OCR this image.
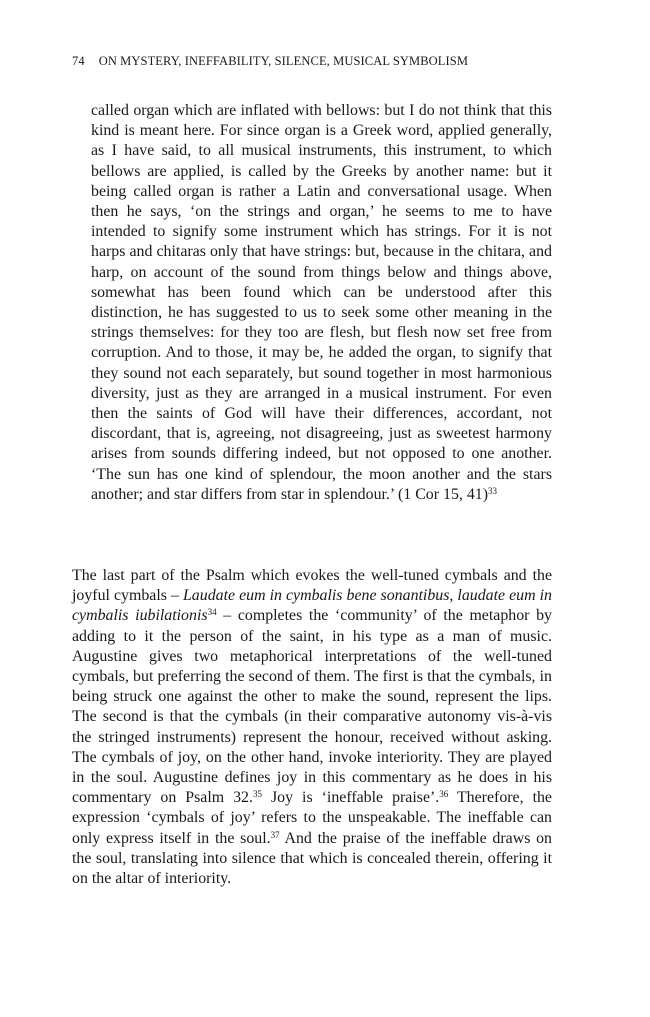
74 ON MYSTERY, INEFFABILITY, SILENCE, MUSICAL SYMBOLISM

called organ which are inflated with bellows: but I do not think that this kind is meant here. For since organ is a Greek word, applied generally, as I have said, to all musical instruments, this instrument, to which bellows are applied, is called by the Greeks by another name: but it being called organ is rather a Latin and conversational usage. When then he says, ‘on the strings and organ,’ he seems to me to have intended to signify some instrument which has strings. For it is not harps and chitaras only that have strings: but, because in the chitara, and harp, on account of the sound from things below and things above, somewhat has been found which can be understood after this distinction, he has suggested to us to seek some other meaning in the strings themselves: for they too are flesh, but flesh now set free from corruption. And to those, it may be, he added the organ, to signify that they sound not each separately, but sound together in most harmonious diversity, just as they are arranged in a musical instrument. For even then the saints of God will have their differences, accordant, not discordant, that is, agreeing, not disagreeing, just as sweetest harmony arises from sounds differing indeed, but not opposed to one another. ‘The sun has one kind of splendour, the moon another and the stars another; and star differs from star in splendour.’ (1 Cor 15, 41)$^{33}$

The last part of the Psalm which evokes the well-tuned cymbals and the joyful cymbals – Laudate eum in cymbalis bene sonantibus, laudate eum in cymbalis iubilationis$^{34}$ – completes the ‘community’ of the metaphor by adding to it the person of the saint, in his type as a man of music. Augustine gives two metaphorical interpretations of the well-tuned cymbals, but preferring the second of them. The first is that the cymbals, in being struck one against the other to make the sound, represent the lips. The second is that the cymbals (in their comparative autonomy vis-à-vis the stringed instruments) represent the honour, received without asking. The cymbals of joy, on the other hand, invoke interiority. They are played in the soul. Augustine defines joy in this commentary as he does in his commentary on Psalm 32.35 Joy is ‘ineffable praise’.$^{36}$ Therefore, the expression ‘cymbals of joy’ refers to the unspeakable. The ineffable can only express itself in the soul.$^{37}$ And the praise of the ineffable draws on the soul, translating into silence that which is concealed therein, offering it on the altar of interiority.
